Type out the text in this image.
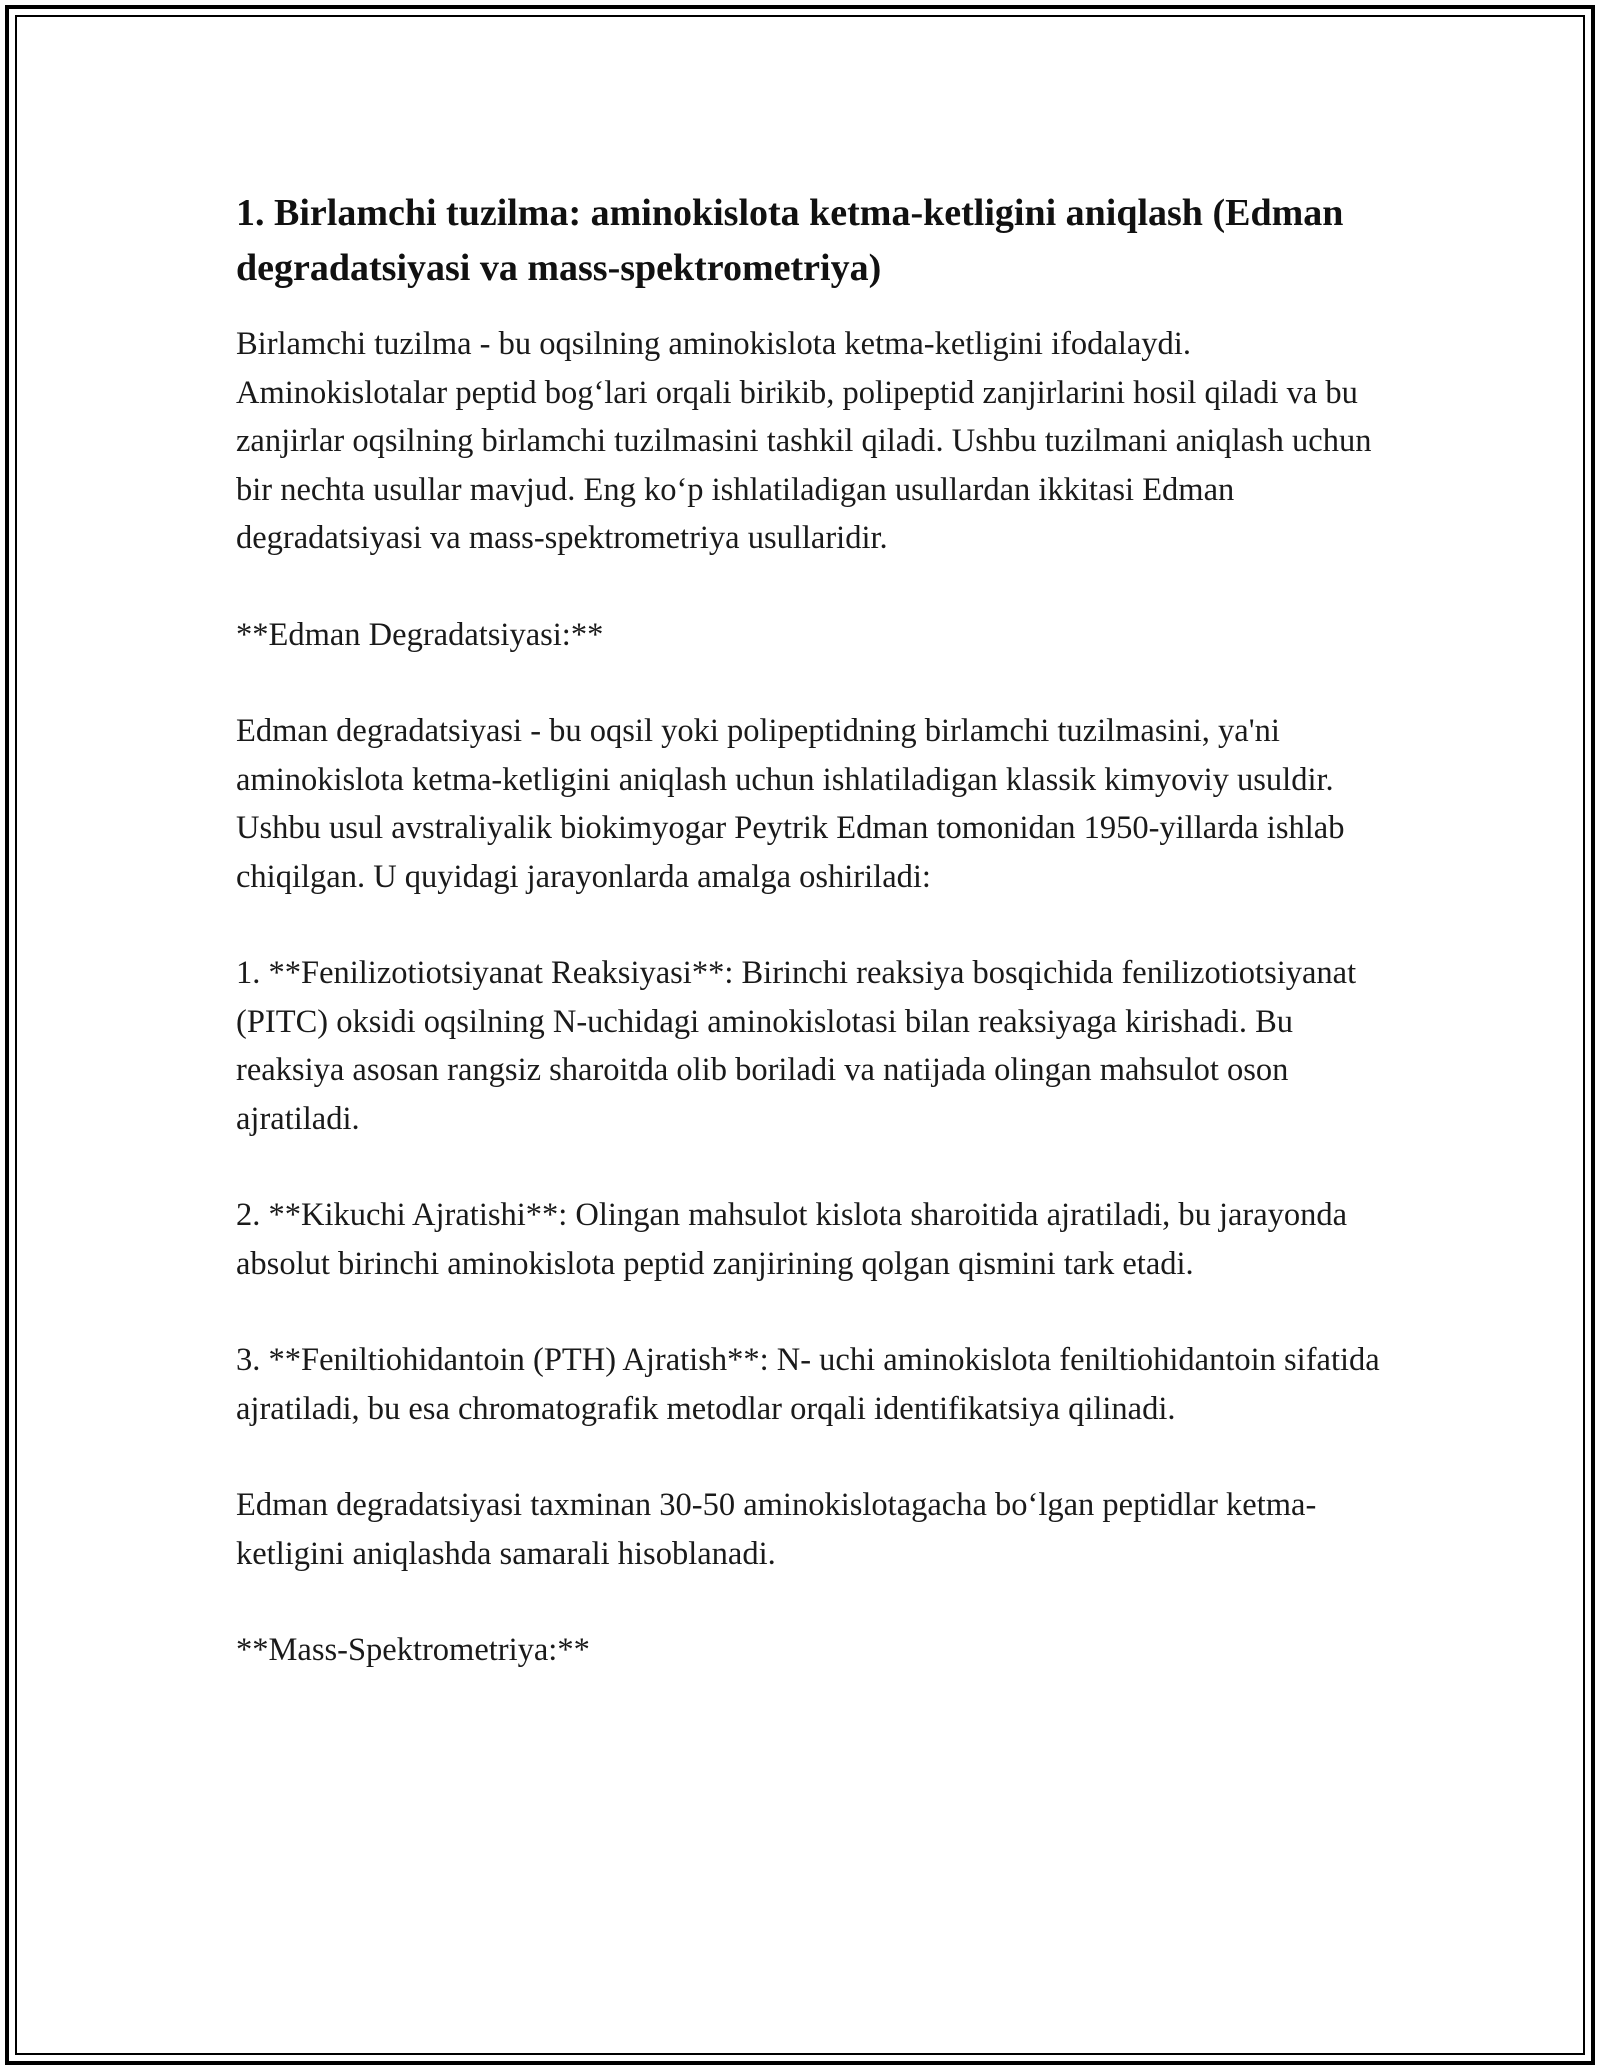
1. Birlamchi tuzilma: aminokislota ketma-ketligini aniqlash (Edman degradatsiyasi va mass-spektrometriya)

Birlamchi tuzilma - bu oqsilning aminokislota ketma-ketligini ifodalaydi. Aminokislotalar peptid bog‘lari orqali birikib, polipeptid zanjirlarini hosil qiladi va bu zanjirlar oqsilning birlamchi tuzilmasini tashkil qiladi. Ushbu tuzilmani aniqlash uchun bir nechta usullar mavjud. Eng ko‘p ishlatiladigan usullardan ikkitasi Edman degradatsiyasi va mass-spektrometriya usullaridir.

**Edman Degradatsiyasi:**

Edman degradatsiyasi - bu oqsil yoki polipeptidning birlamchi tuzilmasini, ya'ni aminokislota ketma-ketligini aniqlash uchun ishlatiladigan klassik kimyoviy usuldir. Ushbu usul avstraliyalik biokimyogar Peytrik Edman tomonidan 1950-yillarda ishlab chiqilgan. U quyidagi jarayonlarda amalga oshiriladi:

1. **Fenilizotiotsiyanat Reaksiyasi**: Birinchi reaksiya bosqichida fenilizotiotsiyanat (PITC) oksidi oqsilning N-uchidagi aminokislotasi bilan reaksiyaga kirishadi. Bu reaksiya asosan rangsiz sharoitda olib boriladi va natijada olingan mahsulot oson ajratiladi.

2. **Kikuchi Ajratishi**: Olingan mahsulot kislota sharoitida ajratiladi, bu jarayonda absolut birinchi aminokislota peptid zanjirining qolgan qismini tark etadi.

3. **Feniltiohidantoin (PTH) Ajratish**: N- uchi aminokislota feniltiohidantoin sifatida ajratiladi, bu esa chromatografik metodlar orqali identifikatsiya qilinadi.

Edman degradatsiyasi taxminan 30-50 aminokislotagacha bo‘lgan peptidlar ketma-ketligini aniqlashda samarali hisoblanadi.

**Mass-Spektrometriya:**
